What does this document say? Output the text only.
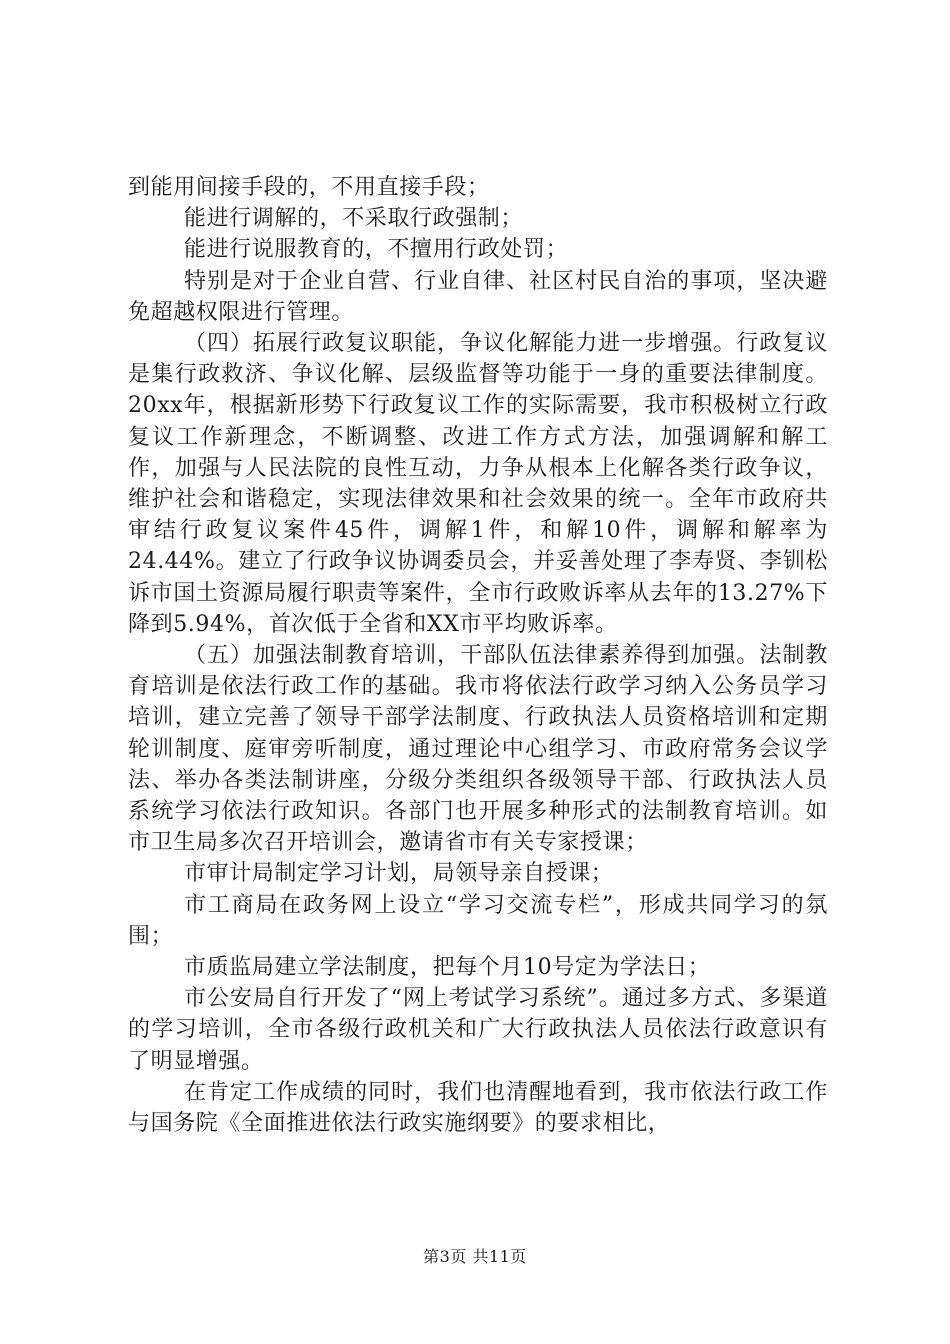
到能用间接手段的，不用直接手段；

能进行调解的，不采取行政强制；

能进行说服教育的，不擅用行政处罚；

特别是对于企业自营、行业自律、社区村民自治的事项，坚决避免超越权限进行管理。

（四）拓展行政复议职能，争议化解能力进一步增强。行政复议是集行政救济、争议化解、层级监督等功能于一身的重要法律制度。20xx年，根据新形势下行政复议工作的实际需要，我市积极树立行政复议工作新理念，不断调整、改进工作方式方法，加强调解和解工作，加强与人民法院的良性互动，力争从根本上化解各类行政争议，维护社会和谐稳定，实现法律效果和社会效果的统一。全年市政府共审结行政复议案件45件，调解1件，和解10件，调解和解率为24.44%。建立了行政争议协调委员会，并妥善处理了李寿贤、李钏松诉市国土资源局履行职责等案件，全市行政败诉率从去年的13.27%下降到5.94%，首次低于全省和XX市平均败诉率。

（五）加强法制教育培训，干部队伍法律素养得到加强。法制教育培训是依法行政工作的基础。我市将依法行政学习纳入公务员学习培训，建立完善了领导干部学法制度、行政执法人员资格培训和定期轮训制度、庭审旁听制度，通过理论中心组学习、市政府常务会议学法、举办各类法制讲座，分级分类组织各级领导干部、行政执法人员系统学习依法行政知识。各部门也开展多种形式的法制教育培训。如市卫生局多次召开培训会，邀请省市有关专家授课；

市审计局制定学习计划，局领导亲自授课；

市工商局在政务网上设立“学习交流专栏”，形成共同学习的氛围；

市质监局建立学法制度，把每个月10号定为学法日；

市公安局自行开发了“网上考试学习系统”。通过多方式、多渠道的学习培训，全市各级行政机关和广大行政执法人员依法行政意识有了明显增强。

在肯定工作成绩的同时，我们也清醒地看到，我市依法行政工作与国务院《全面推进依法行政实施纲要》的要求相比，

第3页 共11页
